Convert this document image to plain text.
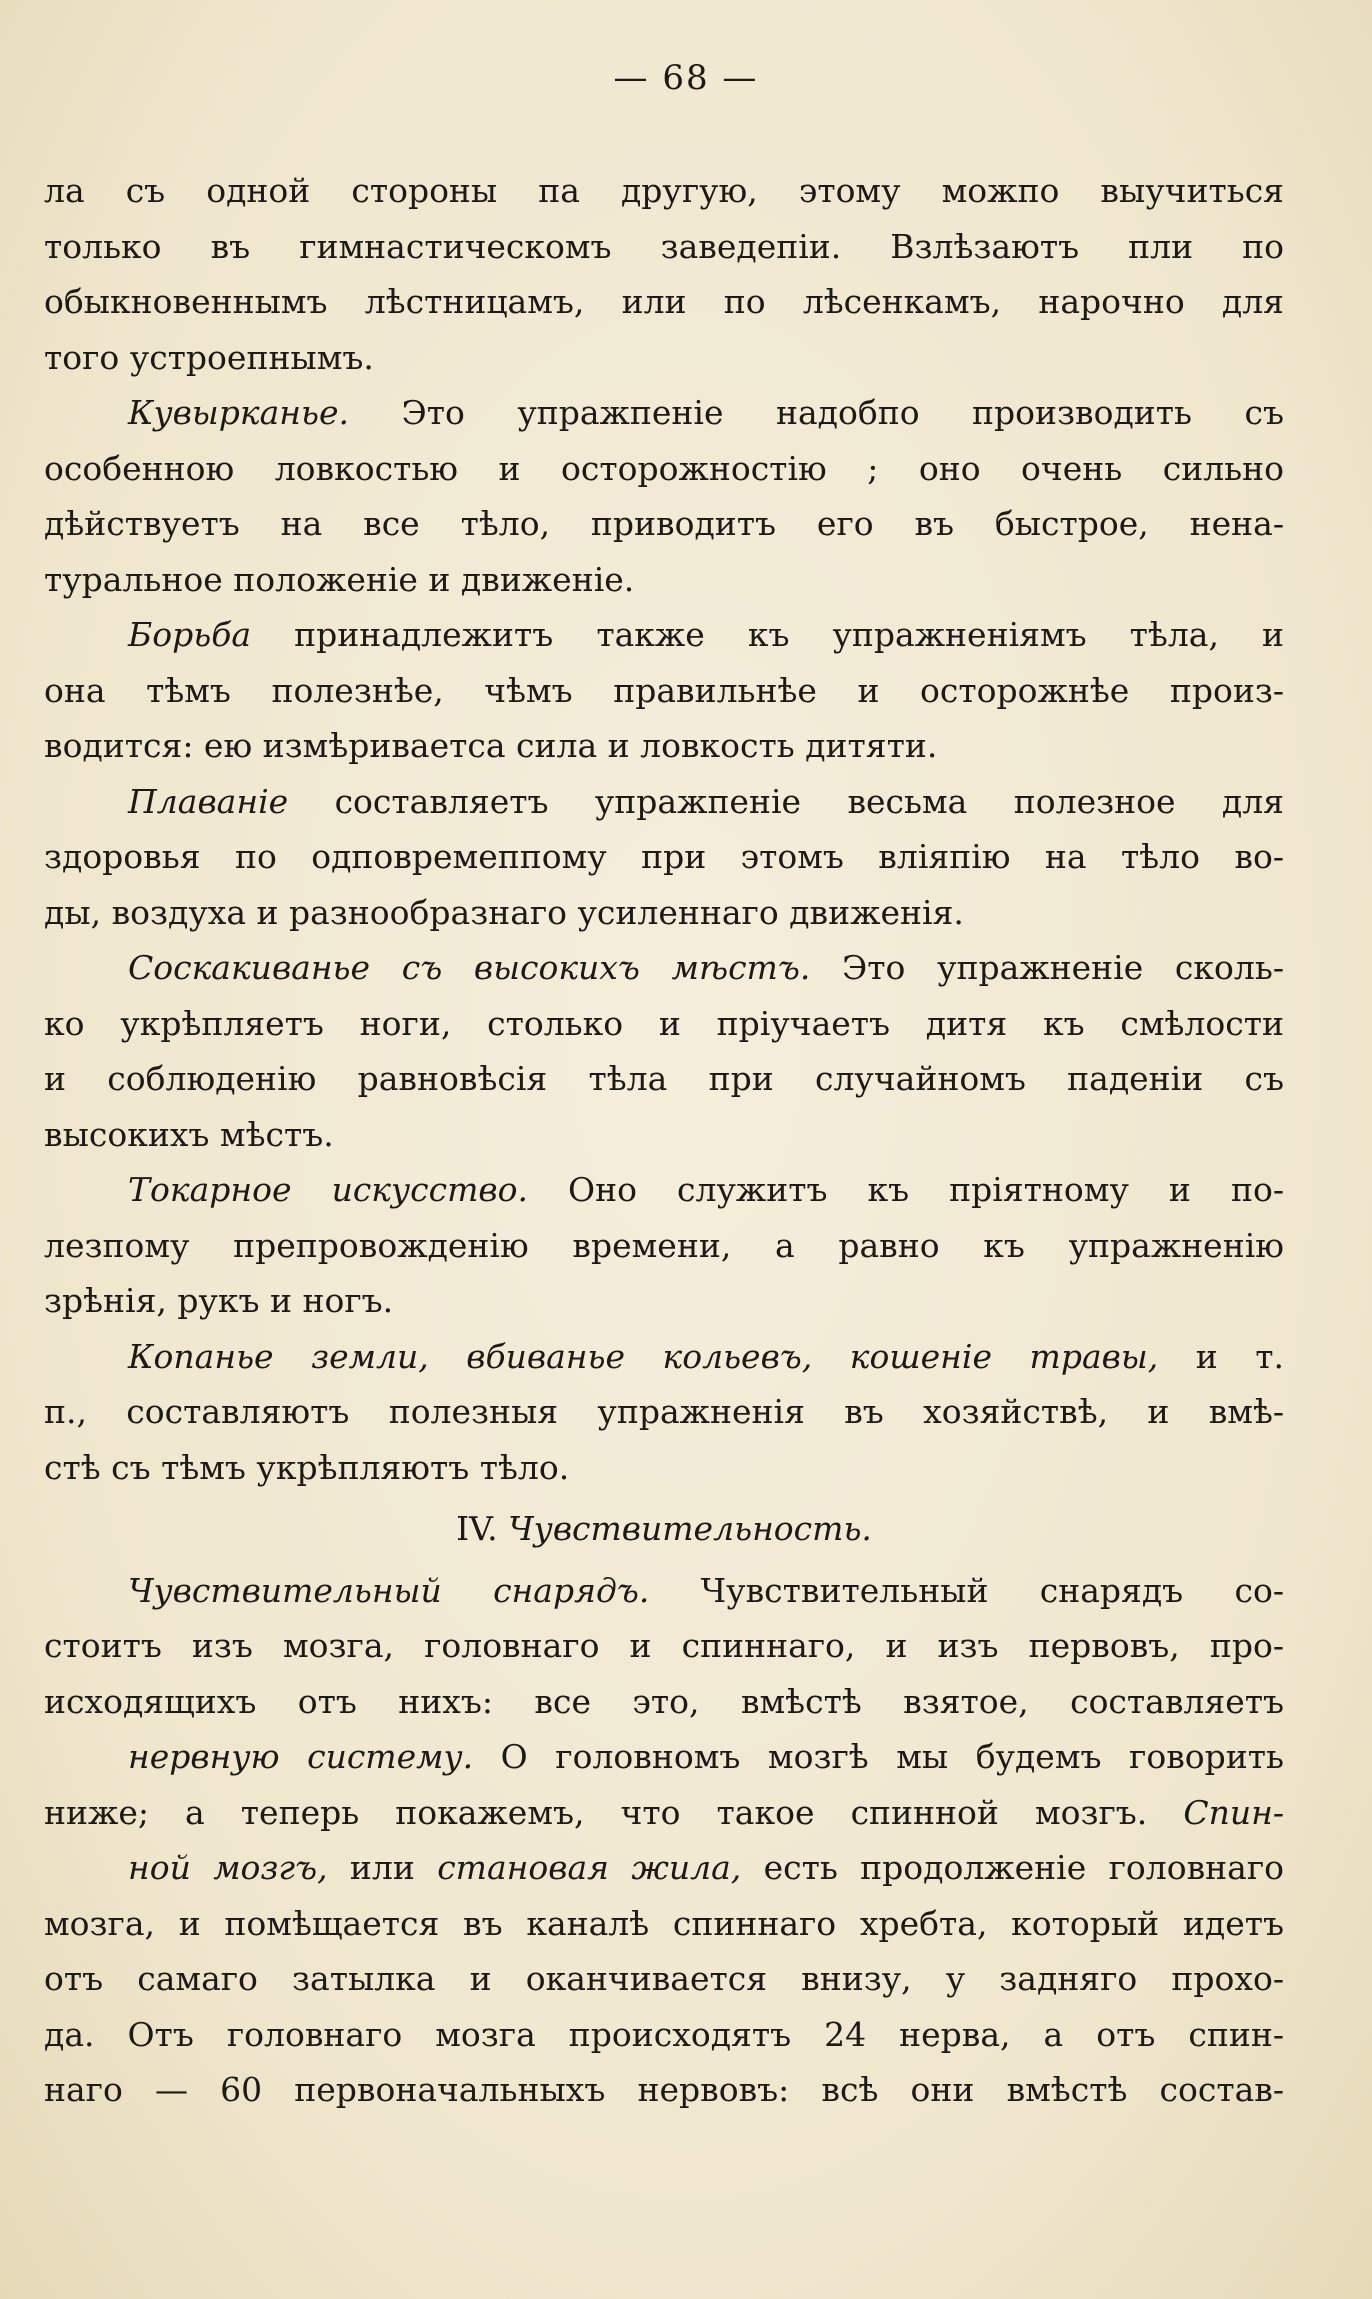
— 68 —
ла съ одной стороны па другую, этому можпо выучиться
только въ гимнастическомъ заведепіи. Взлѣзаютъ пли по
обыкновеннымъ лѣстницамъ, или по лѣсенкамъ, нарочно для
того устроепнымъ.
Кувырканье. Это упражпеніе надобпо производить съ
особенною ловкостью и осторожностію ; оно очень сильно
дѣйствуетъ на все тѣло, приводитъ его въ быстрое, нена-
туральное положеніе и движеніе.
Борьба принадлежитъ также къ упражненіямъ тѣла, и
она тѣмъ полезнѣе, чѣмъ правильнѣе и осторожнѣе произ-
водится: ею измѣриваетса сила и ловкость дитяти.
Плаваніе составляетъ упражпеніе весьма полезное для
здоровья по одповремеппому при этомъ вліяпію на тѣло во-
ды, воздуха и разнообразнаго усиленнаго движенія.
Соскакиванье съ высокихъ мѣстъ. Это упражненіе сколь-
ко укрѣпляетъ ноги, столько и пріучаетъ дитя къ смѣлости
и соблюденію равновѣсія тѣла при случайномъ паденіи съ
высокихъ мѣстъ.
Токарное искусство. Оно служитъ къ пріятному и по-
лезпому препровожденію времени, а равно къ упражненію
зрѣнія, рукъ и ногъ.
Копанье земли, вбиванье кольевъ, кошеніе травы, и т.
п., составляютъ полезныя упражненія въ хозяйствѣ, и вмѣ-
стѣ съ тѣмъ укрѣпляютъ тѣло.
IV. Чувствительность.
Чувствительный снарядъ. Чувствительный снарядъ со-
стоитъ изъ мозга, головнаго и спиннаго, и изъ первовъ, про-
исходящихъ отъ нихъ: все это, вмѣстѣ взятое, составляетъ
нервную систему. О головномъ мозгѣ мы будемъ говорить
ниже; а теперь покажемъ, что такое спинной мозгъ. Спин-
ной мозгъ, или становая жила, есть продолженіе головнаго
мозга, и помѣщается въ каналѣ спиннаго хребта, который идетъ
отъ самаго затылка и оканчивается внизу, у задняго прохо-
да. Отъ головнаго мозга происходятъ 24 нерва, а отъ спин-
наго — 60 первоначальныхъ нервовъ: всѣ они вмѣстѣ состав-
